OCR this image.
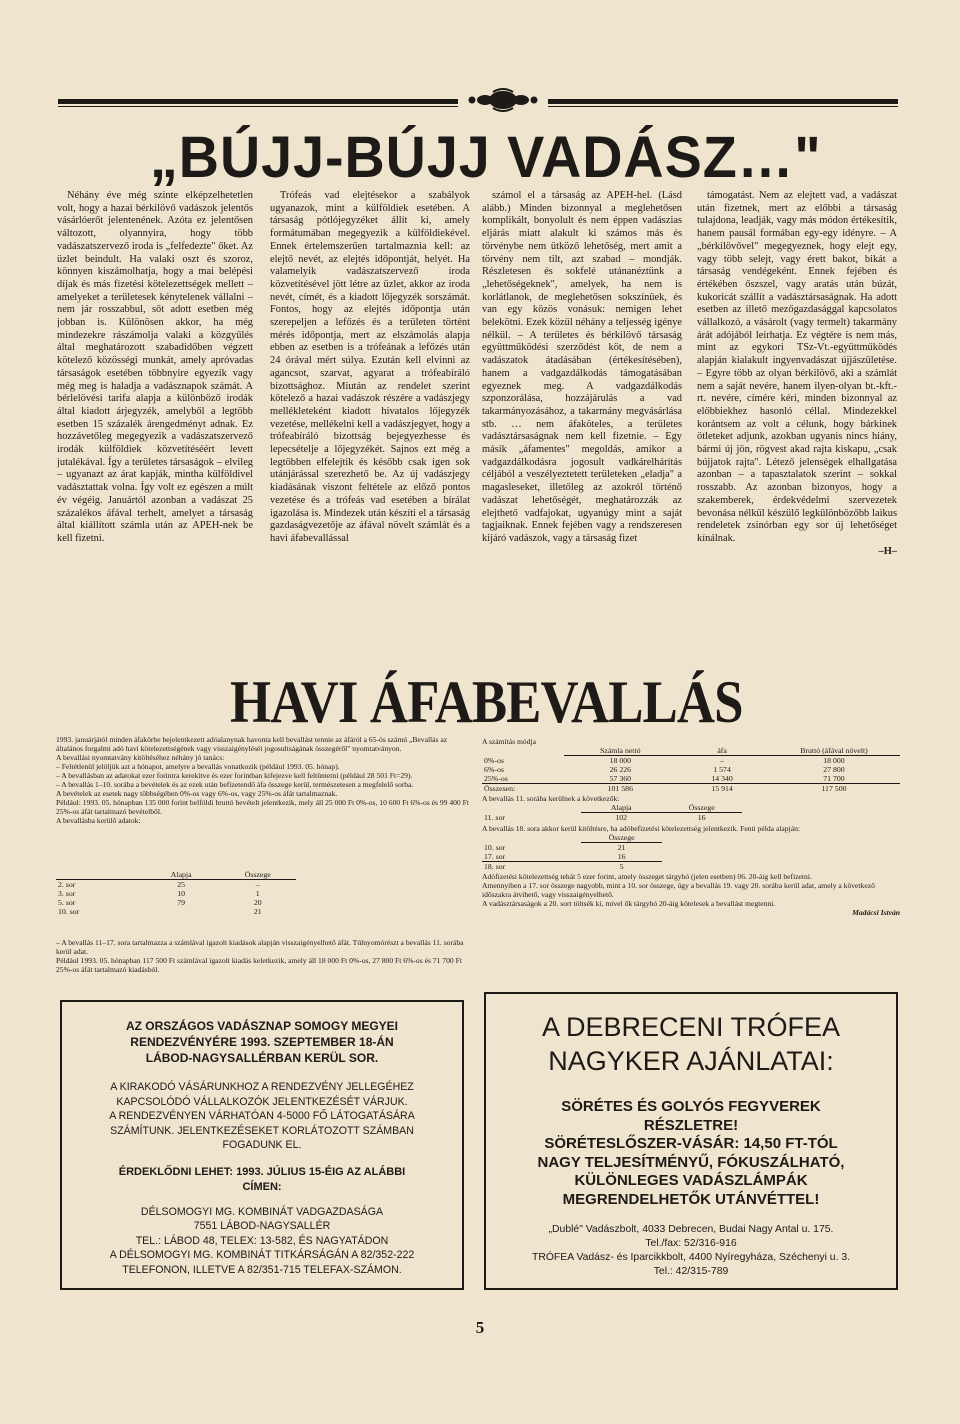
„BÚJJ-BÚJJ VADÁSZ…"

Néhány éve még szinte elképzelhetetlen volt, hogy a hazai bérkilövő vadászok jelentős vásárlóerőt jelentenének. Azóta ez jelentősen változott, olyannyira, hogy több vadászatszervező iroda is „felfedezte" őket. Az üzlet beindult. Ha valaki oszt és szoroz, könnyen kiszámolhatja, hogy a mai belépési díjak és más fizetési kötelezettségek mellett – amelyeket a területesek kénytelenek vállalni – nem jár rosszabbul, sőt adott esetben még jobban is. Különösen akkor, ha még mindezekre rászámolja valaki a közgyűlés által meghatározott szabadidőben végzett kötelező közösségi munkát, amely apróvadas társaságok esetében többnyire egyezik vagy még meg is haladja a vadásznapok számát. A bérlelövési tarifa alapja a különböző irodák által kiadott árjegyzék, amelyből a legtöbb esetben 15 százalék árengedményt adnak. Ez hozzávetőleg megegyezik a vadászatszervező irodák külföldiek közvetítéséért levett jutalékával. Így a területes társaságok – elvileg – ugyanazt az árat kapják, mintha külföldivel vadásztattak volna. Így volt ez egészen a múlt év végéig. Januártól azonban a vadászat 25 százalékos áfával terhelt, amelyet a társaság által kiállított számla után az APEH-nek be kell fizetni.

Trófeás vad elejtésekor a szabályok ugyanazok, mint a külföldiek esetében. A társaság pótlójegyzéket állít ki, amely formátumában megegyezik a külföldiekével. Ennek értelemszerűen tartalmaznia kell: az elejtő nevét, az elejtés időpontját, helyét. Ha valamelyik vadászatszervező iroda közvetítésével jött létre az üzlet, akkor az iroda nevét, címét, és a kiadott lőjegyzék sorszámát. Fontos, hogy az elejtés időpontja után szerepeljen a lefőzés és a területen történt mérés időpontja, mert az elszámolás alapja ebben az esetben is a trófeának a lefőzés után 24 órával mért súlya. Ezután kell elvinni az agancsot, szarvat, agyarat a trófeabíráló bizottsághoz. Miután az rendelet szerint kötelező a hazai vadászok részére a vadászjegy mellékleteként kiadott hivatalos lőjegyzék vezetése, mellékelni kell a vadászjegyet, hogy a trófeabíráló bizottság bejegyezhesse és lepecsételje a lőjegyzékét. Sajnos ezt még a legtöbben elfelejtik és később csak igen sok utánjárással szerezhető be. Az új vadászjegy kiadásának viszont feltétele az előző pontos vezetése és a trófeás vad esetében a bírálat igazolása is. Mindezek után készíti el a társaság gazdaságvezetője az áfával növelt számlát és a havi áfabevallással

számol el a társaság az APEH-hel. (Lásd alább.) Minden bizonnyal a meglehetősen komplikált, bonyolult és nem éppen vadászias eljárás miatt alakult ki számos más és törvénybe nem ütköző lehetőség, mert amit a törvény nem tilt, azt szabad – mondják. Részletesen és sokfelé utánanéztünk a „lehetőségeknek", amelyek, ha nem is korlátlanok, de meglehetősen sokszínűek, és van egy közös vonásuk: nemigen lehet belekötni. Ezek közül néhány a teljesség igénye nélkül. – A területes és bérkilövő társaság együttműködési szerződést köt, de nem a vadászatok átadásában (értékesítésében), hanem a vadgazdálkodás támogatásában egyeznek meg. A vadgazdálkodás szponzorálása, hozzájárulás a vad takarmányozásához, a takarmány megvásárlása stb. … nem áfaköteles, a területes vadásztársaságnak nem kell fizetnie. – Egy másik „áfamentes" megoldás, amikor a vadgazdálkodásra jogosult vadkárelhárítás céljából a veszélyeztetett területeken „eladja" a magasleseket, illetőleg az azokról történő vadászat lehetőségét, meghatározzák az elejthető vadfajokat, ugyanúgy mint a saját tagjaiknak. Ennek fejében vagy a rendszeresen kijáró vadászok, vagy a társaság fizet

támogatást. Nem az elejtett vad, a vadászat után fizetnek, mert az előbbi a társaság tulajdona, leadják, vagy más módon értékesítik, hanem pausál formában egy-egy idényre. – A „bérkilövővel" megegyeznek, hogy elejt egy, vagy több selejt, vagy érett bakot, bikát a társaság vendégeként. Ennek fejében és értékében őszszel, vagy aratás után búzát, kukoricát szállít a vadásztársaságnak. Ha adott esetben az illető mezőgazdasággal kapcsolatos vállalkozó, a vásárolt (vagy termelt) takarmány árát adójából leírhatja. Ez végtére is nem más, mint az egykori TSz-Vt.-együttműködés alapján kialakult ingyenvadászat újjászületése. – Egyre több az olyan bérkilövő, aki a számlát nem a saját nevére, hanem ilyen-olyan bt.-kft.-rt. nevére, címére kéri, minden bizonnyal az előbbiekhez hasonló céllal. Mindezekkel korántsem az volt a célunk, hogy bárkinek ötleteket adjunk, azokban ugyanis nincs hiány, bármi új jön, rögvest akad rajta kiskapu, „csak bújjatok rajta". Létező jelenségek elhallgatása azonban – a tapasztalatok szerint – sokkal rosszabb. Az azonban bizonyos, hogy a szakemberek, érdekvédelmi szervezetek bevonása nélkül készülő legkülönbözőbb laikus rendeletek zsinórban egy sor új lehetőséget kínálnak.

–H–
HAVI ÁFABEVALLÁS

1993. januárjától minden áfakörbe bejelentkezett adóalanynak havonta kell bevallást tennie az áfáról a 65-ös számú „Bevallás az általános forgalmi adó havi kötelezettségének vagy visszaigényléséi jogosultságának összegéről" nyomtatványon.
A bevallási nyomtatvány kitöltéséhez néhány jó tanács:
– Feltétlenül jelöljük azt a hónapot, amelyre a bevallás vonatkozik (például 1993. 05. hónap).
– A bevallásban az adatokat ezer forintra kerekítve és ezer forintban kifejezve kell feltüntetni (például 28 501 Ft=29).
– A bevallás 1–10. sorába a bevételek és az ezek után befizetendő áfa összege kerül, természetesen a megfelelő sorba.
A bevételek az esetek nagy többségében 0%-os vagy 6%-os, vagy 25%-os áfát tartalmaznak.
Például: 1993. 05. hónapban 135 000 forint belföldi bruttó bevételt jelentkezik, mely áll 25 000 Ft 0%-os, 10 600 Ft 6%-os és 99 400 Ft 25%-os áfát tartalmazó bevételből.
A bevallásba kerülő adatok:

	Alapja	Összege
2. sor	25	–
3. sor	10	1
5. sor	79	20
10. sor		21

– A bevallás 11–17. sora tartalmazza a számlával igazolt kiadások alapján visszaigényelhető áfát. Túlnyomórészt a bevallás 11. sorába kerül adat.
Például 1993. 05. hónapban 117 500 Ft számlával igazolt kiadás keletkezik, amely áll 18 000 Ft 0%-os, 27 800 Ft 6%-os és 71 700 Ft 25%-os áfát tartalmazó kiadásból.

A számítás módja
	Számla nettó	áfa	Bruttó (áfával növelt)
0%-os	18 000	–	18 000
6%-os	26 226	1 574	27 800
25%-os	57 360	14 340	71 700
Összesen:	101 586	15 914	117 500

A bevallás 11. sorába kerülnek a következők:

	Alapja	Összege
11. sor	102	16

A bevallás 18. sora akkor kerül kitöltésre, ha adóbefizetési kötelezettség jelentkezik. Fenti példa alapján:

	Összege
10. sor	21
17. sor	16
18. sor	5

Adófizetési kötelezettség tehát 5 ezer forint, amely összeget tárgyhó (jelen esetben) 06. 20-áig kell befizetni.
Amennyiben a 17. sor összege nagyobb, mint a 10. sor összege, úgy a bevallás 19. vagy 20. sorába kerül adat, amely a következő időszakra átvihető, vagy visszaigényelhető.
A vadásztársaságok a 20. sort töltsék ki, mivel ők tárgyhó 20-áig kötelesek a bevallást megtenni.

Madácsi István

AZ ORSZÁGOS VADÁSZNAP SOMOGY MEGYEI
RENDEZVÉNYÉRE 1993. SZEPTEMBER 18-ÁN
LÁBOD-NAGYSALLÉRBAN KERÜL SOR.

A KIRAKODÓ VÁSÁRUNKHOZ A RENDEZVÉNY JELLEGÉHEZ
KAPCSOLÓDÓ VÁLLALKOZÓK JELENTKEZÉSÉT VÁRJUK.
A RENDEZVÉNYEN VÁRHATÓAN 4-5000 FŐ LÁTOGATÁSÁRA
SZÁMÍTUNK. JELENTKEZÉSEKET KORLÁTOZOTT SZÁMBAN
FOGADUNK EL.

ÉRDEKLŐDNI LEHET: 1993. JÚLIUS 15-ÉIG AZ ALÁBBI
CÍMEN:

DÉLSOMOGYI MG. KOMBINÁT VADGAZDASÁGA
7551 LÁBOD-NAGYSALLÉR
TEL.: LÁBOD 48, TELEX: 13-582, ÉS NAGYATÁDON
A DÉLSOMOGYI MG. KOMBINÁT TITKÁRSÁGÁN A 82/352-222
TELEFONON, ILLETVE A 82/351-715 TELEFAX-SZÁMON.

A DEBRECENI TRÓFEA
NAGYKER AJÁNLATAI:

SÖRÉTES ÉS GOLYÓS FEGYVEREK
RÉSZLETRE!
SÖRÉTESLŐSZER-VÁSÁR: 14,50 FT-TÓL
NAGY TELJESÍTMÉNYŰ, FÓKUSZÁLHATÓ,
KÜLÖNLEGES VADÁSZLÁMPÁK
MEGRENDELHETŐK UTÁNVÉTTEL!

„Dublé" Vadászbolt, 4033 Debrecen, Budai Nagy Antal u. 175.
Tel./fax: 52/316-916
TRÓFEA Vadász- és Iparcikkbolt, 4400 Nyíregyháza, Széchenyi u. 3.
Tel.: 42/315-789

5
